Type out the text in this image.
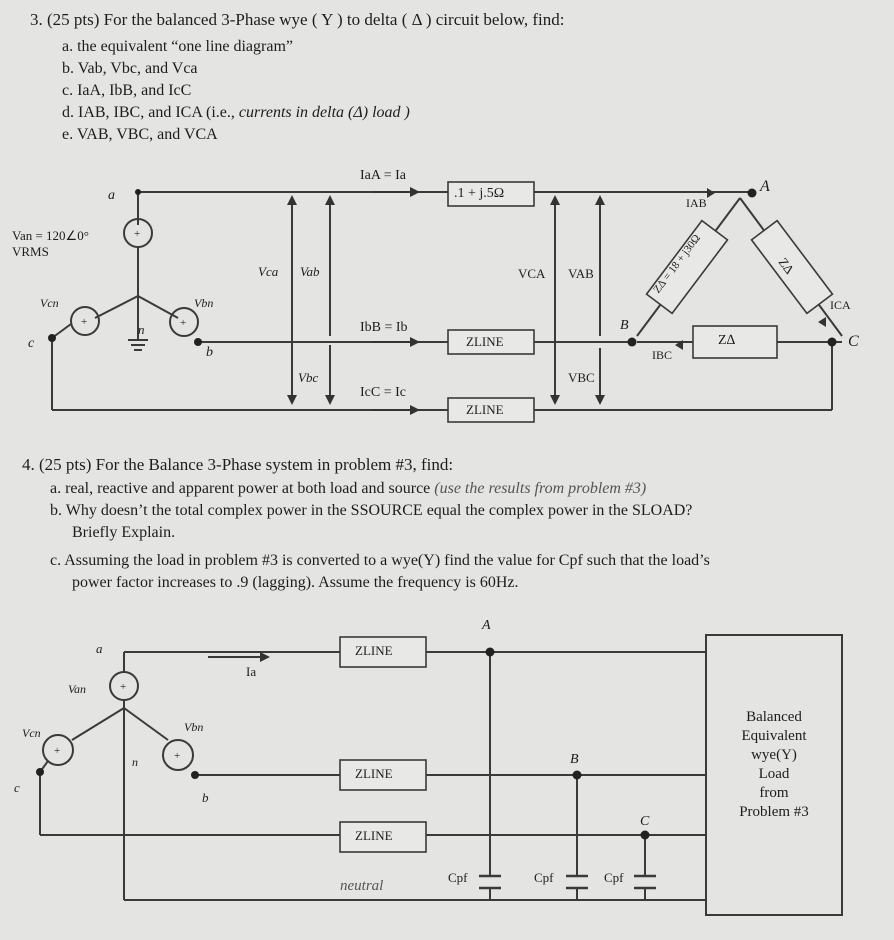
3. (25 pts) For the balanced 3-Phase wye ( Y ) to delta ( Δ ) circuit below, find:
a. the equivalent “one line diagram”
b. Vab, Vbc, and Vca
c. IaA, IbB, and IcC
d. IAB, IBC, and ICA (i.e., currents in delta (Δ) load )
e. VAB, VBC, and VCA
+
+	+
a
b
c
n
A
B
C
Van = 120∠0° VRMS
Vcn	Vbn
IaA = Ia
IbB = Ib
IcC = Ic
.1 + j.5Ω
ZLINE
ZLINE
Vca Vab
Vbc
VCA VAB
VBC
IAB
IBC
ICA
Z∆ = 18 + j30Ω	Z∆
Z∆
4. (25 pts) For the Balance 3-Phase system in problem #3, find:
a. real, reactive and apparent power at both load and source (use the results from problem #3)
b. Why doesn’t the total complex power in the SSOURCE equal the complex power in the SLOAD?
Briefly Explain.
c. Assuming the load in problem #3 is converted to a wye(Y) find the value for Cpf such that the load’s
power factor increases to .9 (lagging). Assume the frequency is 60Hz.
+
+	+
a
b
c
n
A
B
C
Van
Vbn
Vcn
Ia
ZLINE
ZLINE
ZLINE
neutral
Cpf	Cpf	Cpf
Balanced
Equivalent
wye(Y)
Load
from
Problem #3
